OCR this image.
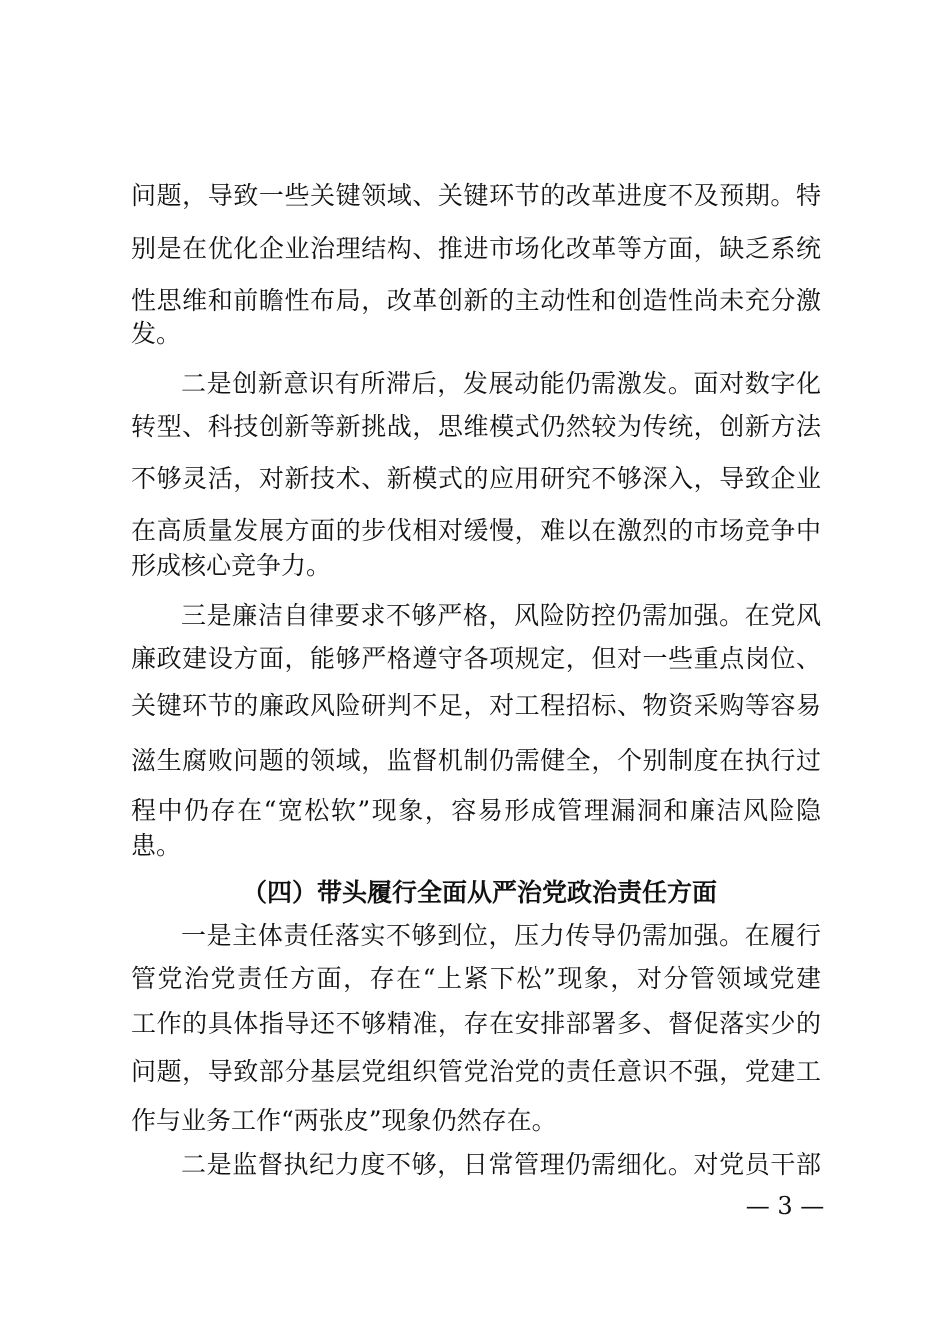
问题，导致一些关键领域、关键环节的改革进度不及预期。特
别是在优化企业治理结构、推进市场化改革等方面，缺乏系统
性思维和前瞻性布局，改革创新的主动性和创造性尚未充分激
发。
二是创新意识有所滞后，发展动能仍需激发。面对数字化
转型、科技创新等新挑战，思维模式仍然较为传统，创新方法
不够灵活，对新技术、新模式的应用研究不够深入，导致企业
在高质量发展方面的步伐相对缓慢，难以在激烈的市场竞争中
形成核心竞争力。
三是廉洁自律要求不够严格，风险防控仍需加强。在党风
廉政建设方面，能够严格遵守各项规定，但对一些重点岗位、
关键环节的廉政风险研判不足，对工程招标、物资采购等容易
滋生腐败问题的领域，监督机制仍需健全，个别制度在执行过
程中仍存在“宽松软”现象，容易形成管理漏洞和廉洁风险隐
患。
（四）带头履行全面从严治党政治责任方面
一是主体责任落实不够到位，压力传导仍需加强。在履行
管党治党责任方面，存在“上紧下松”现象，对分管领域党建
工作的具体指导还不够精准，存在安排部署多、督促落实少的
问题，导致部分基层党组织管党治党的责任意识不强，党建工
作与业务工作“两张皮”现象仍然存在。
二是监督执纪力度不够，日常管理仍需细化。对党员干部
— 3 —
